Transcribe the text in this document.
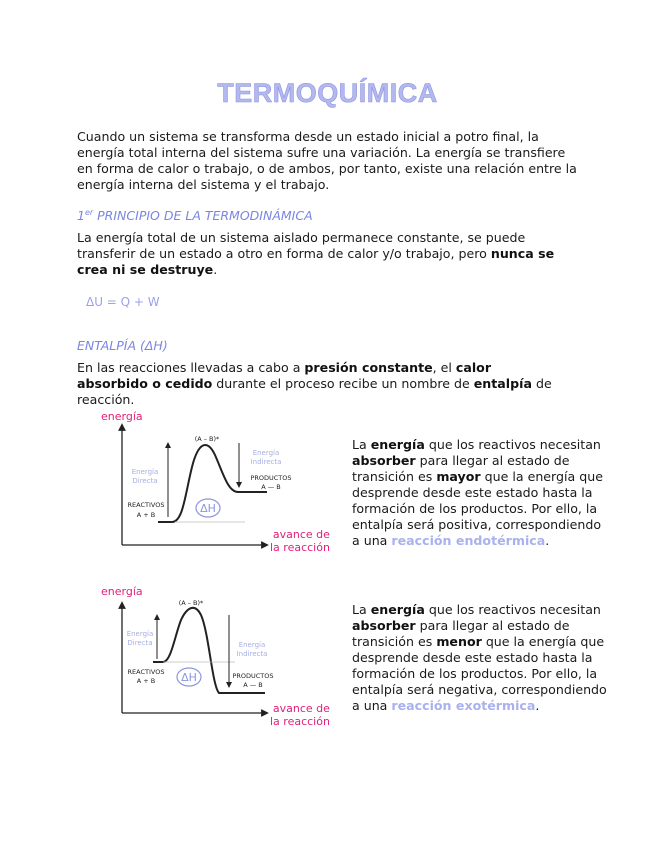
TERMOQUÍMICA
Cuando un sistema se transforma desde un estado inicial a potro final, la energía total interna del sistema sufre una variación. La energía se transfiere en forma de calor o trabajo, o de ambos, por tanto, existe una relación entre la energía interna del sistema y el trabajo.
1er PRINCIPIO DE LA TERMODINÁMICA
La energía total de un sistema aislado permanece constante, se puede transferir de un estado a otro en forma de calor y/o trabajo, pero nunca se crea ni se destruye.
ΔU = Q + W
ENTALPÍA (ΔH)
En las reacciones llevadas a cabo a presión constante, el calor absorbido o cedido durante el proceso recibe un nombre de entalpía de reacción.
ΔH
(A – B)*
Energía
Directa
Energía
Indirecta
REACTIVOS
A + B
PRODUCTOS
A — B
energía
avance de
la reacción
La energía que los reactivos necesitan absorber para llegar al estado de transición es mayor que la energía que desprende desde este estado hasta la formación de los productos. Por ello, la entalpía será positiva, correspondiendo a una reacción endotérmica.
ΔH
(A – B)*
Energía
Directa	Energía
Indirecta
REACTIVOS
A + B
PRODUCTOS
A — B
energía
avance de
la reacción
La energía que los reactivos necesitan absorber para llegar al estado de transición es menor que la energía que desprende desde este estado hasta la formación de los productos. Por ello, la entalpía será negativa, correspondiendo a una reacción exotérmica.
